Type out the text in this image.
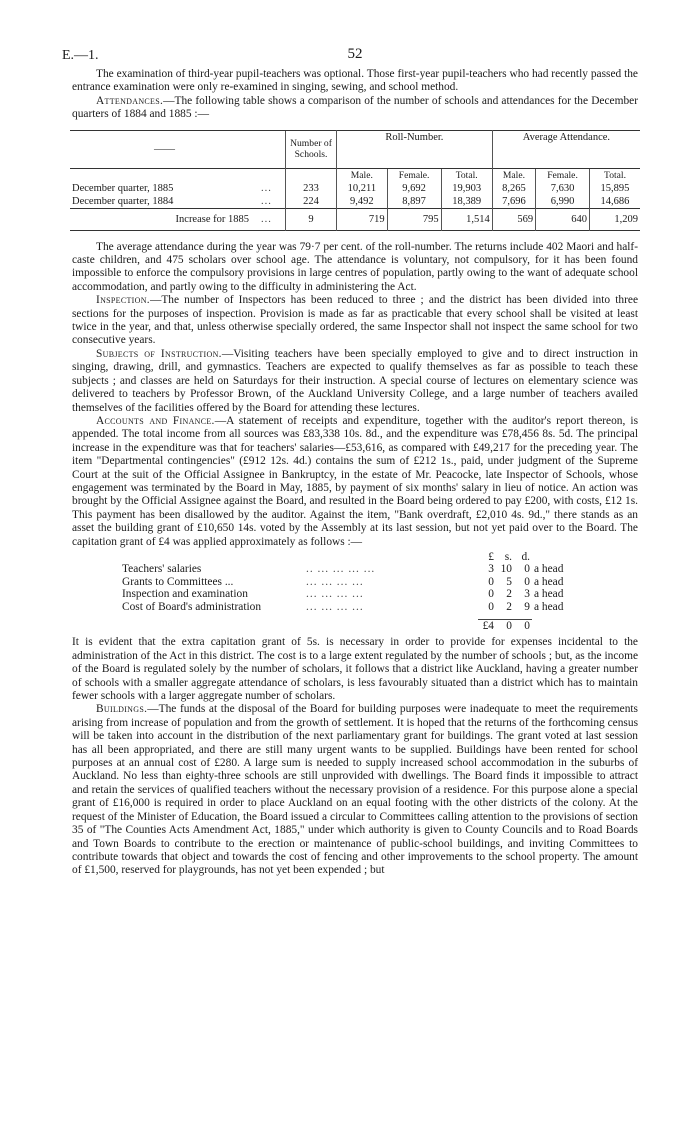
E.—1.	52

The examination of third-year pupil-teachers was optional. Those first-year pupil-teachers who had recently passed the entrance examination were only re-examined in singing, sewing, and school method.

Attendances.—The following table shows a comparison of the number of schools and attendances for the December quarters of 1884 and 1885 :—

——		Number of Schools.	Roll-Number.			Average Attendance.		

			Male.	Female.	Total.	Male.	Female.	Total.
December quarter, 1885	...	233	10,211	9,692	19,903	8,265	7,630	15,895
December quarter, 1884	...	224	9,492	8,897	18,389	7,696	6,990	14,686
Increase for 1885	...	9	719	795	1,514	569	640	1,209

The average attendance during the year was 79·7 per cent. of the roll-number. The returns include 402 Maori and half-caste children, and 475 scholars over school age. The attendance is voluntary, not compulsory, for it has been found impossible to enforce the compulsory provisions in large centres of population, partly owing to the want of adequate school accommodation, and partly owing to the difficulty in administering the Act.

Inspection.—The number of Inspectors has been reduced to three ; and the district has been divided into three sections for the purposes of inspection. Provision is made as far as practicable that every school shall be visited at least twice in the year, and that, unless otherwise specially ordered, the same Inspector shall not inspect the same school for two consecutive years.

Subjects of Instruction.—Visiting teachers have been specially employed to give and to direct instruction in singing, drawing, drill, and gymnastics. Teachers are expected to qualify themselves as far as possible to teach these subjects ; and classes are held on Saturdays for their instruction. A special course of lectures on elementary science was delivered to teachers by Professor Brown, of the Auckland University College, and a large number of teachers availed themselves of the facilities offered by the Board for attending these lectures.

Accounts and Finance.—A statement of receipts and expenditure, together with the auditor's report thereon, is appended. The total income from all sources was £83,338 10s. 8d., and the expenditure was £78,456 8s. 5d. The principal increase in the expenditure was that for teachers' salaries—£53,616, as compared with £49,217 for the preceding year. The item "Departmental contingencies" (£912 12s. 4d.) contains the sum of £212 1s., paid, under judgment of the Supreme Court at the suit of the Official Assignee in Bankruptcy, in the estate of Mr. Peacocke, late Inspector of Schools, whose engagement was terminated by the Board in May, 1885, by payment of six months' salary in lieu of notice. An action was brought by the Official Assignee against the Board, and resulted in the Board being ordered to pay £200, with costs, £12 1s. This payment has been disallowed by the auditor. Against the item, "Bank overdraft, £2,010 4s. 9d.," there stands as an asset the building grant of £10,650 14s. voted by the Assembly at its last session, but not yet paid over to the Board. The capitation grant of £4 was applied approximately as follows :—

		£	s.	d.	
Teachers' salaries	.. ... ... ... ...	3	10	0	a head
Grants to Committees ...	... ... ... ...	0	5	0	a head
Inspection and examination	... ... ... ...	0	2	3	a head
Cost of Board's administration	... ... ... ...	0	2	9	a head

		£4	0	0	

It is evident that the extra capitation grant of 5s. is necessary in order to provide for expenses incidental to the administration of the Act in this district. The cost is to a large extent regulated by the number of schools ; but, as the income of the Board is regulated solely by the number of scholars, it follows that a district like Auckland, having a greater number of schools with a smaller aggregate attendance of scholars, is less favourably situated than a district which has to maintain fewer schools with a larger aggregate number of scholars.

Buildings.—The funds at the disposal of the Board for building purposes were inadequate to meet the requirements arising from increase of population and from the growth of settlement. It is hoped that the returns of the forthcoming census will be taken into account in the distribution of the next parliamentary grant for buildings. The grant voted at last session has all been appropriated, and there are still many urgent wants to be supplied. Buildings have been rented for school purposes at an annual cost of £280. A large sum is needed to supply increased school accommodation in the suburbs of Auckland. No less than eighty-three schools are still unprovided with dwellings. The Board finds it impossible to attract and retain the services of qualified teachers without the necessary provision of a residence. For this purpose alone a special grant of £16,000 is required in order to place Auckland on an equal footing with the other districts of the colony. At the request of the Minister of Education, the Board issued a circular to Committees calling attention to the provisions of section 35 of "The Counties Acts Amendment Act, 1885," under which authority is given to County Councils and to Road Boards and Town Boards to contribute to the erection or maintenance of public-school buildings, and inviting Committees to contribute towards that object and towards the cost of fencing and other improvements to the school property. The amount of £1,500, reserved for playgrounds, has not yet been expended ; but
